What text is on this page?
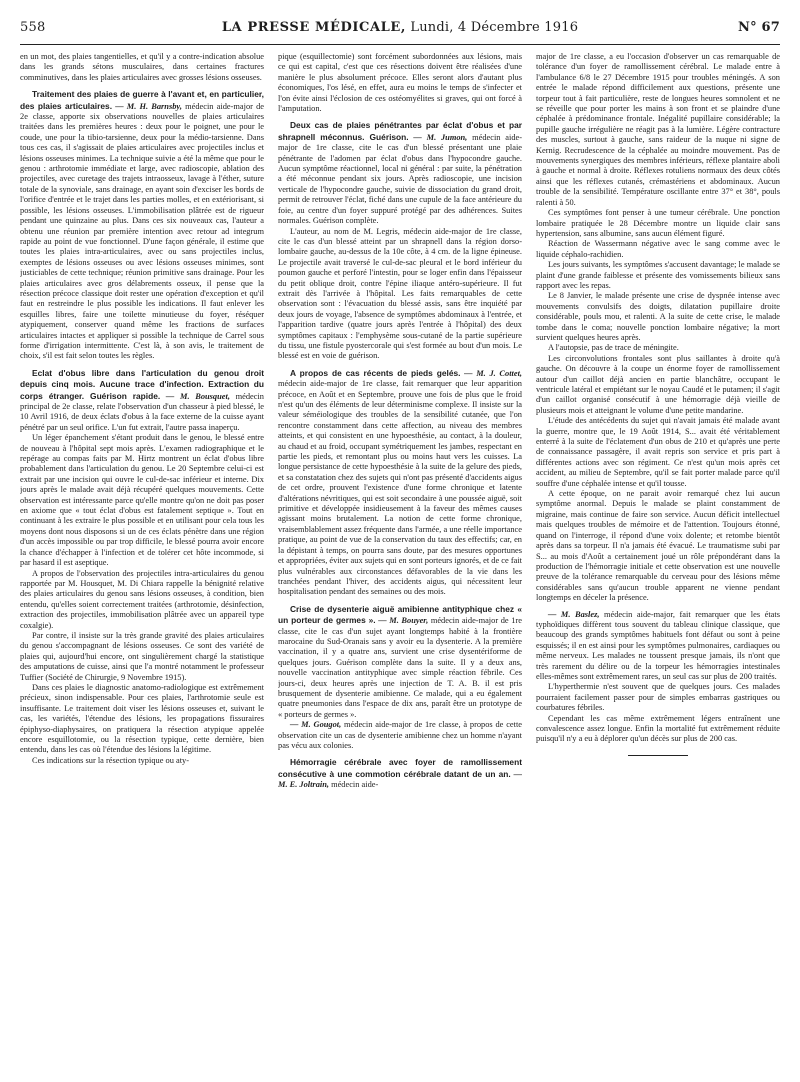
558	LA PRESSE MÉDICALE, Lundi, 4 Décembre 1916	N° 67

en un mot, des plaies tangentielles, et qu'il y a contre-indication absolue dans les grands sétons musculaires, dans certaines fractures comminutives, dans les plaies articulaires avec grosses lésions osseuses.

Traitement des plaies de guerre à l'avant et, en particulier, des plaies articulaires. — M. H. Barnsby, médecin aide-major de 2e classe, apporte six observations nouvelles de plaies articulaires traitées dans les premières heures : deux pour le poignet, une pour le coude, une pour la tibio-tarsienne, deux pour la médio-tarsienne. Dans tous ces cas, il s'agissait de plaies articulaires avec projectiles inclus et lésions osseuses minimes. La technique suivie a été la même que pour le genou : arthrotomie immédiate et large, avec radioscopie, ablation des projectiles, avec curetage des trajets intraosseux, lavage à l'éther, suture totale de la synoviale, sans drainage, en ayant soin d'exciser les bords de l'orifice d'entrée et le trajet dans les parties molles, et en extériorisant, si possible, les lésions osseuses. L'immobilisation plâtrée est de rigueur pendant une quinzaine au plus. Dans ces six nouveaux cas, l'auteur a obtenu une réunion par première intention avec retour ad integrum rapide au point de vue fonctionnel. D'une façon générale, il estime que toutes les plaies intra-articulaires, avec ou sans projectiles inclus, exemptes de lésions osseuses ou avec lésions osseuses minimes, sont justiciables de cette technique; réunion primitive sans drainage. Pour les plaies articulaires avec gros délabrements osseux, il pense que la résection précoce classique doit rester une opération d'exception et qu'il faut en restreindre le plus possible les indications. Il faut enlever les esquilles libres, faire une toilette minutieuse du foyer, réséquer atypiquement, conserver quand même les fractions de surfaces articulaires intactes et appliquer si possible la technique de Carrel sous forme d'irrigation intermittente. C'est là, à son avis, le traitement de choix, s'il est fait selon toutes les règles.

Eclat d'obus libre dans l'articulation du genou droit depuis cinq mois. Aucune trace d'infection. Extraction du corps étranger. Guérison rapide. — M. Bousquet, médecin principal de 2e classe, relate l'observation d'un chasseur à pied blessé, le 10 Avril 1916, de deux éclats d'obus à la face externe de la cuisse ayant pénétré par un seul orifice. L'un fut extrait, l'autre passa inaperçu.

Un léger épanchement s'étant produit dans le genou, le blessé entre de nouveau à l'hôpital sept mois après. L'examen radiographique et le repérage au compas faits par M. Hirtz montrent un éclat d'obus libre probablement dans l'articulation du genou. Le 20 Septembre celui-ci est extrait par une incision qui ouvre le cul-de-sac inférieur et interne. Dix jours après le malade avait déjà récupéré quelques mouvements. Cette observation est intéressante parce qu'elle montre qu'on ne doit pas poser en axiome que « tout éclat d'obus est fatalement septique ». Tout en continuant à les extraire le plus possible et en utilisant pour cela tous les moyens dont nous disposons si un de ces éclats pénètre dans une région d'un accès impossible ou par trop difficile, le blessé pourra avoir encore la chance d'échapper à l'infection et de tolérer cet hôte incommode, si par hasard il est aseptique.

A propos de l'observation des projectiles intra-articulaires du genou rapportée par M. Housquet, M. Di Chiara rappelle la bénignité relative des plaies articulaires du genou sans lésions osseuses, à condition, bien entendu, qu'elles soient correctement traitées (arthrotomie, désinfection, extraction des projectiles, immobilisation plâtrée avec un appareil type coxalgie).

Par contre, il insiste sur la très grande gravité des plaies articulaires du genou s'accompagnant de lésions osseuses. Ce sont des variété de plaies qui, aujourd'hui encore, ont singulièrement chargé la statistique des amputations de cuisse, ainsi que l'a montré notamment le professeur Tuffier (Société de Chirurgie, 9 Novembre 1915).

Dans ces plaies le diagnostic anatomo-radiologique est extrêmement précieux, sinon indispensable. Pour ces plaies, l'arthrotomie seule est insuffisante. Le traitement doit viser les lésions osseuses et, suivant le cas, les variétés, l'étendue des lésions, les propagations fissuraires épiphyso-diaphysaires, on pratiquera la résection atypique appelée encore esquillotomie, ou la résection typique, cette dernière, bien entendu, dans les cas où l'étendue des lésions la légitime.

Ces indications sur la résection typique ou aty-

pique (esquillectomie) sont forcément subordonnées aux lésions, mais ce qui est capital, c'est que ces résections doivent être réalisées d'une manière le plus absolument précoce. Elles seront alors d'autant plus économiques, l'os lésé, en effet, aura eu moins le temps de s'infecter et l'on évite ainsi l'éclosion de ces ostéomyélites si graves, qui ont forcé à l'amputation.

Deux cas de plaies pénétrantes par éclat d'obus et par shrapnell méconnus. Guérison. — M. Jumon, médecin aide-major de 1re classe, cite le cas d'un blessé présentant une plaie pénétrante de l'adomen par éclat d'obus dans l'hypocondre gauche. Aucun symptôme réactionnel, local ni général : par suite, la pénétration a été méconnue pendant six jours. Après radioscopie, une incision verticale de l'hypocondre gauche, suivie de dissociation du grand droit, permit de retrouver l'éclat, fiché dans une cupule de la face antérieure du foie, au centre d'un foyer suppuré protégé par des adhérences. Suites normales. Guérison complète.

L'auteur, au nom de M. Legris, médecin aide-major de 1re classe, cite le cas d'un blessé atteint par un shrapnell dans la région dorso-lombaire gauche, au-dessus de la 10e côte, à 4 cm. de la ligne épineuse. Le projectile avait traversé le cul-de-sac pleural et le bord inférieur du poumon gauche et perforé l'intestin, pour se loger enfin dans l'épaisseur du petit oblique droit, contre l'épine iliaque antéro-supérieure. Il fut extrait dès l'arrivée à l'hôpital. Les faits remarquables de cette observation sont : l'évacuation du blessé assis, sans être inquiété par deux jours de voyage, l'absence de symptômes abdominaux à l'entrée, et l'apparition tardive (quatre jours après l'entrée à l'hôpital) des deux symptômes capitaux : l'emphysème sous-cutané de la partie supérieure du tissu, une fistule pyostercorale qui s'est formée au bout d'un mois. Le blessé est en voie de guérison.

A propos de cas récents de pieds gelés. — M. J. Cottet, médecin aide-major de 1re classe, fait remarquer que leur apparition précoce, en Août et en Septembre, prouve une fois de plus que le froid n'est qu'un des éléments de leur déterminisme complexe. Il insiste sur la valeur séméiologique des troubles de la sensibilité cutanée, que l'on rencontre constamment dans cette affection, au niveau des membres atteints, et qui consistent en une hypoesthésie, au contact, à la douleur, au chaud et au froid, occupant symétriquement les jambes, respectant en partie les pieds, et remontant plus ou moins haut vers les cuisses. La longue persistance de cette hypoesthésie à la suite de la gelure des pieds, et sa constatation chez des sujets qui n'ont pas présenté d'accidents aigus de cet ordre, prouvent l'existence d'une forme chronique et latente d'altérations névritiques, qui est soit secondaire à une poussée aiguë, soit primitive et développée insidieusement à la faveur des mêmes causes agissant moins brutalement. La notion de cette forme chronique, vraisemblablement assez fréquente dans l'armée, a une réelle importance pratique, au point de vue de la conservation du taux des effectifs; car, en la dépistant à temps, on pourra sans doute, par des mesures opportunes et appropriées, éviter aux sujets qui en sont porteurs ignorés, et de ce fait plus vulnérables aux circonstances défavorables de la vie dans les tranchées pendant l'hiver, des accidents aigus, qui nécessitent leur hospitalisation pendant des semaines ou des mois.

Crise de dysenterie aiguë amibienne antityphique chez « un porteur de germes ». — M. Bouyer, médecin aide-major de 1re classe, cite le cas d'un sujet ayant longtemps habité à la frontière marocaine du Sud-Oranais sans y avoir eu la dysenterie. A la première vaccination, il y a quatre ans, survient une crise dysentériforme de quelques jours. Guérison complète dans la suite. Il y a deux ans, nouvelle vaccination antityphique avec simple réaction fébrile. Ces jours-ci, deux heures après une injection de T. A. B. il est pris brusquement de dysenterie amibienne. Ce malade, qui a eu également quatre pneumonies dans l'espace de dix ans, paraît être un prototype de « porteurs de germes ».

— M. Gougot, médecin aide-major de 1re classe, à propos de cette observation cite un cas de dysenterie amibienne chez un homme n'ayant pas vécu aux colonies.

Hémorragie cérébrale avec foyer de ramollissement consécutive à une commotion cérébrale datant de un an. — M. E. Joltrain, médecin aide-

major de 1re classe, a eu l'occasion d'observer un cas remarquable de tolérance d'un foyer de ramollissement cérébral. Le malade entre à l'ambulance 6/8 le 27 Décembre 1915 pour troubles méningés. A son entrée le malade répond difficilement aux questions, présente une torpeur tout à fait particulière, reste de longues heures somnolent et ne se réveille que pour porter les mains à son front et se plaindre d'une céphalée à prédominance frontale. Inégalité pupillaire considérable; la pupille gauche irrégulière ne réagit pas à la lumière. Légère contracture des muscles, surtout à gauche, sans raideur de la nuque ni signe de Kernig. Recrudescence de la céphalée au moindre mouvement. Pas de mouvements synergiques des membres inférieurs, réflexe plantaire aboli à gauche et normal à droite. Réflexes rotuliens normaux des deux côtés ainsi que les réflexes cutanés, crémastériens et abdominaux. Aucun trouble de la sensibilité. Température oscillante entre 37° et 38°, pouls ralenti à 50.

Ces symptômes font penser à une tumeur cérébrale. Une ponction lombaire pratiquée le 28 Décembre montre un liquide clair sans hypertension, sans albumine, sans aucun élément figuré.

Réaction de Wassermann négative avec le sang comme avec le liquide céphalo-rachidien.

Les jours suivants, les symptômes s'accusent davantage; le malade se plaint d'une grande faiblesse et présente des vomissements bilieux sans rapport avec les repas.

Le 8 Janvier, le malade présente une crise de dyspnée intense avec mouvements convulsifs des doigts, dilatation pupillaire droite considérable, pouls mou, et ralenti. A la suite de cette crise, le malade tombe dans le coma; nouvelle ponction lombaire négative; la mort survient quelques heures après.

A l'autopsie, pas de trace de méningite.

Les circonvolutions frontales sont plus saillantes à droite qu'à gauche. On découvre à la coupe un énorme foyer de ramollissement autour d'un caillot déjà ancien en partie blanchâtre, occupant le ventricule latéral et empiétant sur le noyau Caudé et le putamen; il s'agit d'un caillot organisé consécutif à une hémorragie déjà vieille de plusieurs mois et atteignant le volume d'une petite mandarine.

L'étude des antécédents du sujet qui n'avait jamais été malade avant la guerre, montre que, le 19 Août 1914, S... avait été véritablement enterré à la suite de l'éclatement d'un obus de 210 et qu'après une perte de connaissance passagère, il avait repris son service et pris part à différentes actions avec son régiment. Ce n'est qu'un mois après cet accident, au milieu de Septembre, qu'il se fait porter malade parce qu'il souffre d'une céphalée intense et qu'il tousse.

A cette époque, on ne parait avoir remarqué chez lui aucun symptôme anormal. Depuis le malade se plaint constamment de migraine, mais continue de faire son service. Aucun déficit intellectuel mais quelques troubles de mémoire et de l'attention. Toujours étonné, quand on l'interroge, il répond d'une voix dolente; et retombe bientôt après dans sa torpeur. Il n'a jamais été évacué. Le traumatisme subi par S... au mois d'Août a certainement joué un rôle prépondérant dans la production de l'hémorragie initiale et cette observation est une nouvelle preuve de la tolérance remarquable du cerveau pour des lésions même considérables sans qu'aucun trouble apparent ne vienne pendant longtemps en déceler la présence.

— M. Baslez, médecin aide-major, fait remarquer que les états typhoïdiques diffèrent tous souvent du tableau clinique classique, que beaucoup des grands symptômes habituels font défaut ou sont à peine esquissés; il en est ainsi pour les symptômes pulmonaires, cardiaques ou même nerveux. Les malades ne toussent presque jamais, ils n'ont que très rarement du délire ou de la torpeur les hémorragies intestinales elles-mêmes sont extrêmement rares, un seul cas sur plus de 200 traités.

L'hyperthermie n'est souvent que de quelques jours. Ces malades pourraient facilement passer pour de simples embarras gastriques ou courbatures fébriles.

Cependant les cas même extrêmement légers entraînent une convalescence assez longue. Enfin la mortalité fut extrêmement réduite puisqu'il n'y a eu à déplorer qu'un décès sur plus de 200 cas.
